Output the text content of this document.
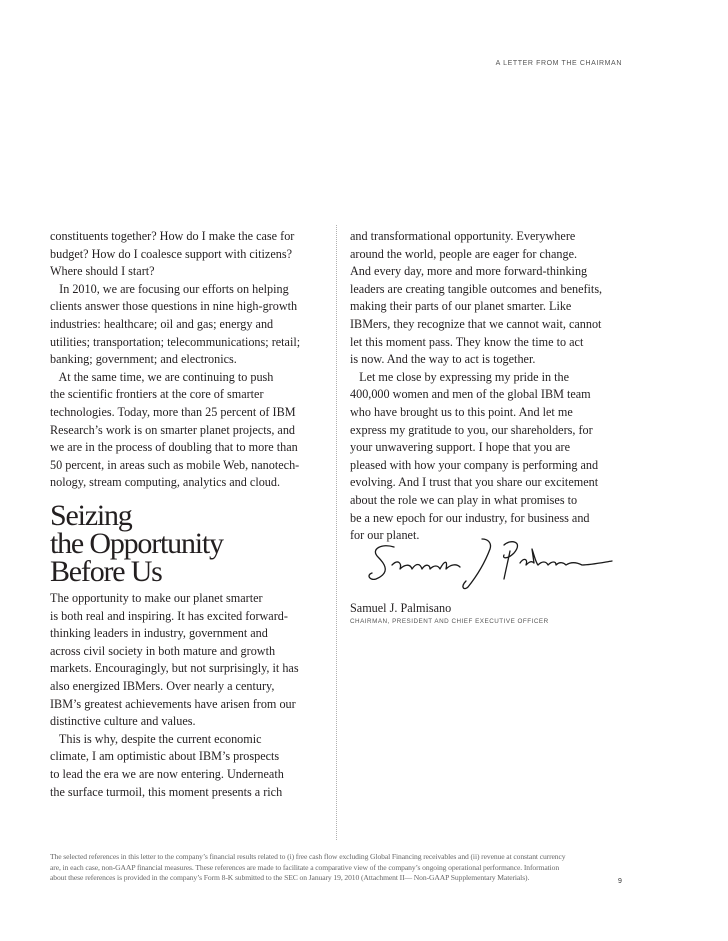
A LETTER FROM THE CHAIRMAN
constituents together? How do I make the case for
budget? How do I coalesce support with citizens?
Where should I start?
In 2010, we are focusing our efforts on helping
clients answer those questions in nine high-growth
industries: healthcare; oil and gas; energy and
utilities; transportation; telecommunications; retail;
banking; government; and electronics.
At the same time, we are continuing to push
the scientific frontiers at the core of smarter
technologies. Today, more than 25 percent of IBM
Research’s work is on smarter planet projects, and
we are in the process of doubling that to more than
50 percent, in areas such as mobile Web, nanotech-
nology, stream computing, analytics and cloud.
Seizing
the Opportunity
Before Us
The opportunity to make our planet smarter
is both real and inspiring. It has excited forward-
thinking leaders in industry, government and
across civil society in both mature and growth
markets. Encouragingly, but not surprisingly, it has
also energized IBMers. Over nearly a century,
IBM’s greatest achievements have arisen from our
distinctive culture and values.
This is why, despite the current economic
climate, I am optimistic about IBM’s prospects
to lead the era we are now entering. Underneath
the surface turmoil, this moment presents a rich
and transformational opportunity. Everywhere
around the world, people are eager for change.
And every day, more and more forward-thinking
leaders are creating tangible outcomes and benefits,
making their parts of our planet smarter. Like
IBMers, they recognize that we cannot wait, cannot
let this moment pass. They know the time to act
is now. And the way to act is together.
Let me close by expressing my pride in the
400,000 women and men of the global IBM team
who have brought us to this point. And let me
express my gratitude to you, our shareholders, for
your unwavering support. I hope that you are
pleased with how your company is performing and
evolving. And I trust that you share our excitement
about the role we can play in what promises to
be a new epoch for our industry, for business and
for our planet.
Samuel J. Palmisano
CHAIRMAN, PRESIDENT AND CHIEF EXECUTIVE OFFICER
The selected references in this letter to the company’s financial results related to (i) free cash flow excluding Global Financing receivables and (ii) revenue at constant currency
are, in each case, non-GAAP financial measures. These references are made to facilitate a comparative view of the company’s ongoing operational performance. Information
about these references is provided in the company’s Form 8-K submitted to the SEC on January 19, 2010 (Attachment II— Non-GAAP Supplementary Materials).	9
